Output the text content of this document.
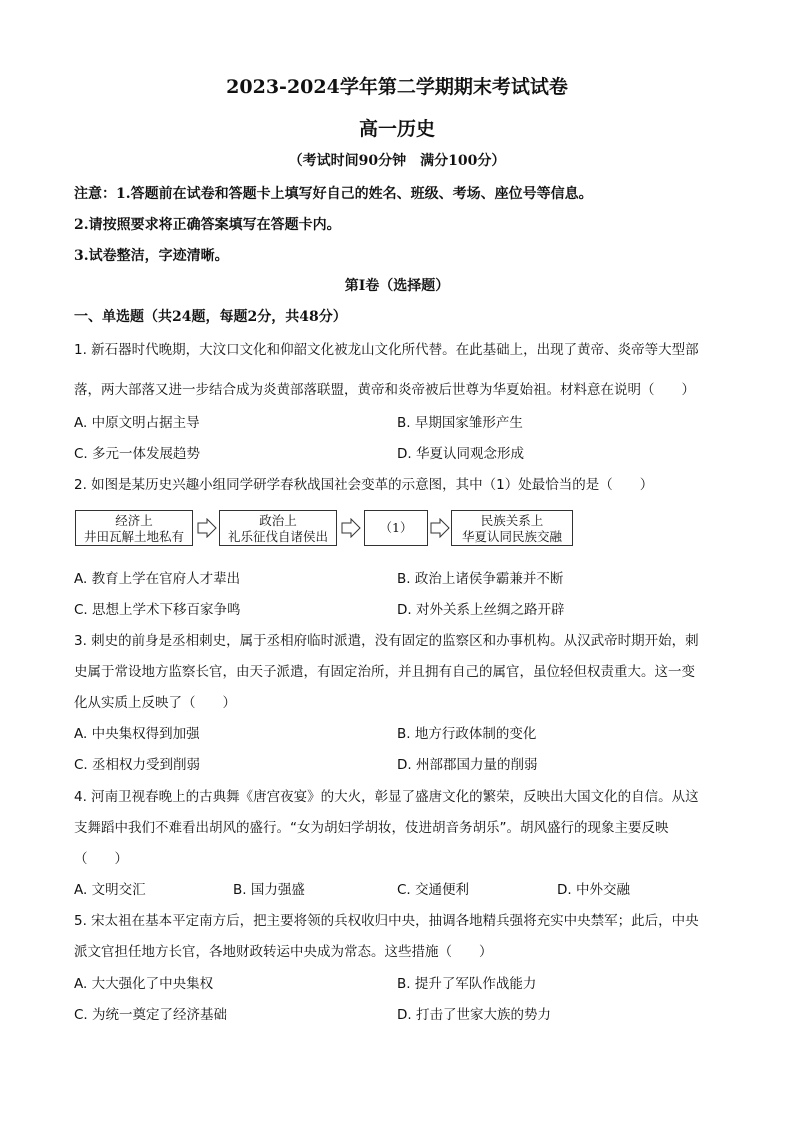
2023-2024学年第二学期期末考试试卷
高一历史
（考试时间90分钟　满分100分）
注意：1.答题前在试卷和答题卡上填写好自己的姓名、班级、考场、座位号等信息。
2.请按照要求将正确答案填写在答题卡内。
3.试卷整洁，字迹清晰。
第Ⅰ卷（选择题）
一、单选题（共24题，每题2分，共48分）
1. 新石器时代晚期，大汶口文化和仰韶文化被龙山文化所代替。在此基础上，出现了黄帝、炎帝等大型部
落，两大部落又进一步结合成为炎黄部落联盟，黄帝和炎帝被后世尊为华夏始祖。材料意在说明（　　）
A. 中原文明占据主导	B. 早期国家雏形产生
C. 多元一体发展趋势	D. 华夏认同观念形成
2. 如图是某历史兴趣小组同学研学春秋战国社会变革的示意图，其中（1）处最恰当的是（　　）
经济上
井田瓦解土地私有
政治上
礼乐征伐自诸侯出
（1）	民族关系上
华夏认同民族交融
A. 教育上学在官府人才辈出	B. 政治上诸侯争霸兼并不断
C. 思想上学术下移百家争鸣	D. 对外关系上丝绸之路开辟
3. 刺史的前身是丞相刺史，属于丞相府临时派遣，没有固定的监察区和办事机构。从汉武帝时期开始，刺
史属于常设地方监察长官，由天子派遣，有固定治所，并且拥有自己的属官，虽位轻但权责重大。这一变
化从实质上反映了（　　）
A. 中央集权得到加强	B. 地方行政体制的变化
C. 丞相权力受到削弱	D. 州部郡国力量的削弱
4. 河南卫视春晚上的古典舞《唐宫夜宴》的大火，彰显了盛唐文化的繁荣，反映出大国文化的自信。从这
支舞蹈中我们不难看出胡风的盛行。“女为胡妇学胡妆，伎进胡音务胡乐”。胡风盛行的现象主要反映
（　　）
A. 文明交汇	B. 国力强盛	C. 交通便利	D. 中外交融
5. 宋太祖在基本平定南方后，把主要将领的兵权收归中央，抽调各地精兵强将充实中央禁军；此后，中央
派文官担任地方长官，各地财政转运中央成为常态。这些措施（　　）
A. 大大强化了中央集权	B. 提升了军队作战能力
C. 为统一奠定了经济基础	D. 打击了世家大族的势力
